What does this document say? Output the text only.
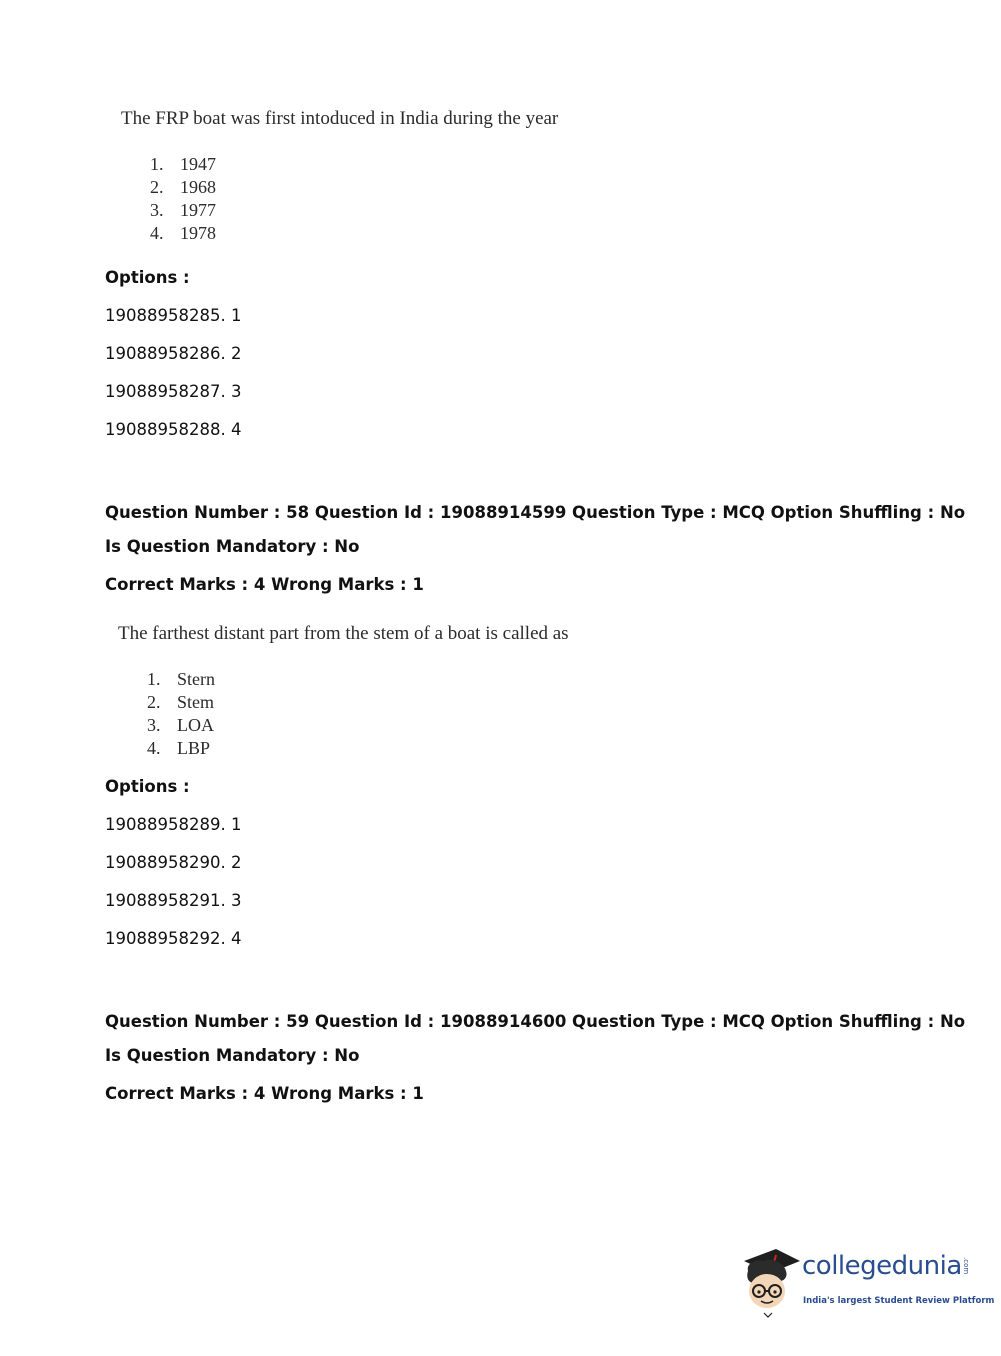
The FRP boat was first intoduced in India during the year
1. 1947
2. 1968
3. 1977
4. 1978
Options :
19088958285. 1
19088958286. 2
19088958287. 3
19088958288. 4
Question Number : 58 Question Id : 19088914599 Question Type : MCQ Option Shuffling : No
Is Question Mandatory : No
Correct Marks : 4 Wrong Marks : 1
The farthest distant part from the stem of a boat is called as
1. Stern
2. Stem
3. LOA
4. LBP
Options :
19088958289. 1
19088958290. 2
19088958291. 3
19088958292. 4
Question Number : 59 Question Id : 19088914600 Question Type : MCQ Option Shuffling : No
Is Question Mandatory : No
Correct Marks : 4 Wrong Marks : 1
collegedunia .com
India's largest Student Review Platform
